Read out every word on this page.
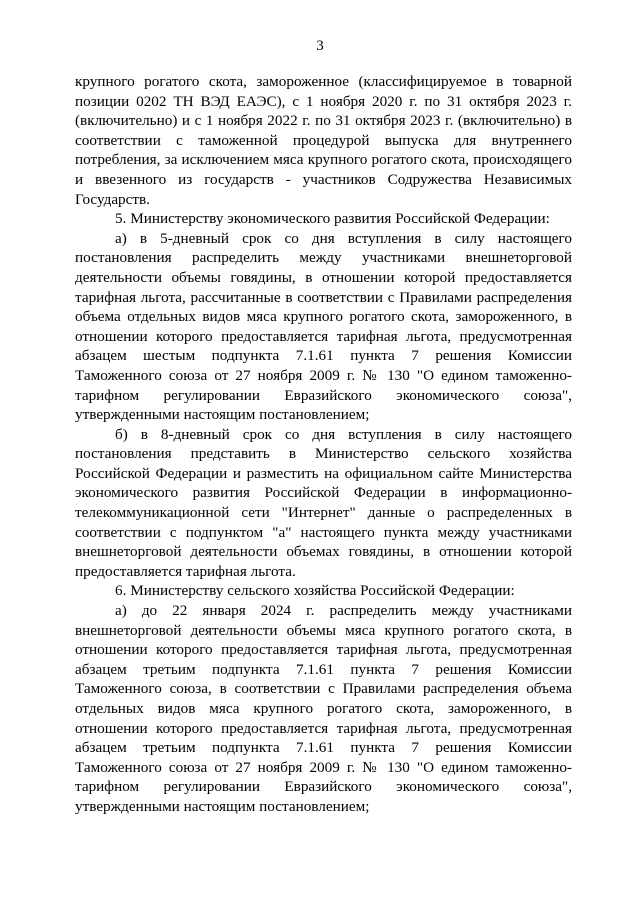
3

крупного рогатого скота, замороженное (классифицируемое в товарной позиции 0202 ТН ВЭД ЕАЭС), с 1 ноября 2020 г. по 31 октября 2023 г. (включительно) и с 1 ноября 2022 г. по 31 октября 2023 г. (включительно) в соответствии с таможенной процедурой выпуска для внутреннего потребления, за исключением мяса крупного рогатого скота, происходящего и ввезенного из государств - участников Содружества Независимых Государств.

5. Министерству экономического развития Российской Федерации:

а) в 5-дневный срок со дня вступления в силу настоящего постановления распределить между участниками внешнеторговой деятельности объемы говядины, в отношении которой предоставляется тарифная льгота, рассчитанные в соответствии с Правилами распределения объема отдельных видов мяса крупного рогатого скота, замороженного, в отношении которого предоставляется тарифная льгота, предусмотренная абзацем шестым подпункта 7.1.61 пункта 7 решения Комиссии Таможенного союза от 27 ноября 2009 г. № 130 "О едином таможенно-тарифном регулировании Евразийского экономического союза", утвержденными настоящим постановлением;

б) в 8-дневный срок со дня вступления в силу настоящего постановления представить в Министерство сельского хозяйства Российской Федерации и разместить на официальном сайте Министерства экономического развития Российской Федерации в информационно-телекоммуникационной сети "Интернет" данные о распределенных в соответствии с подпунктом "а" настоящего пункта между участниками внешнеторговой деятельности объемах говядины, в отношении которой предоставляется тарифная льгота.

6. Министерству сельского хозяйства Российской Федерации:

а) до 22 января 2024 г. распределить между участниками внешнеторговой деятельности объемы мяса крупного рогатого скота, в отношении которого предоставляется тарифная льгота, предусмотренная абзацем третьим подпункта 7.1.61 пункта 7 решения Комиссии Таможенного союза, в соответствии с Правилами распределения объема отдельных видов мяса крупного рогатого скота, замороженного, в отношении которого предоставляется тарифная льгота, предусмотренная абзацем третьим подпункта 7.1.61 пункта 7 решения Комиссии Таможенного союза от 27 ноября 2009 г. № 130 "О едином таможенно-тарифном регулировании Евразийского экономического союза", утвержденными настоящим постановлением;
